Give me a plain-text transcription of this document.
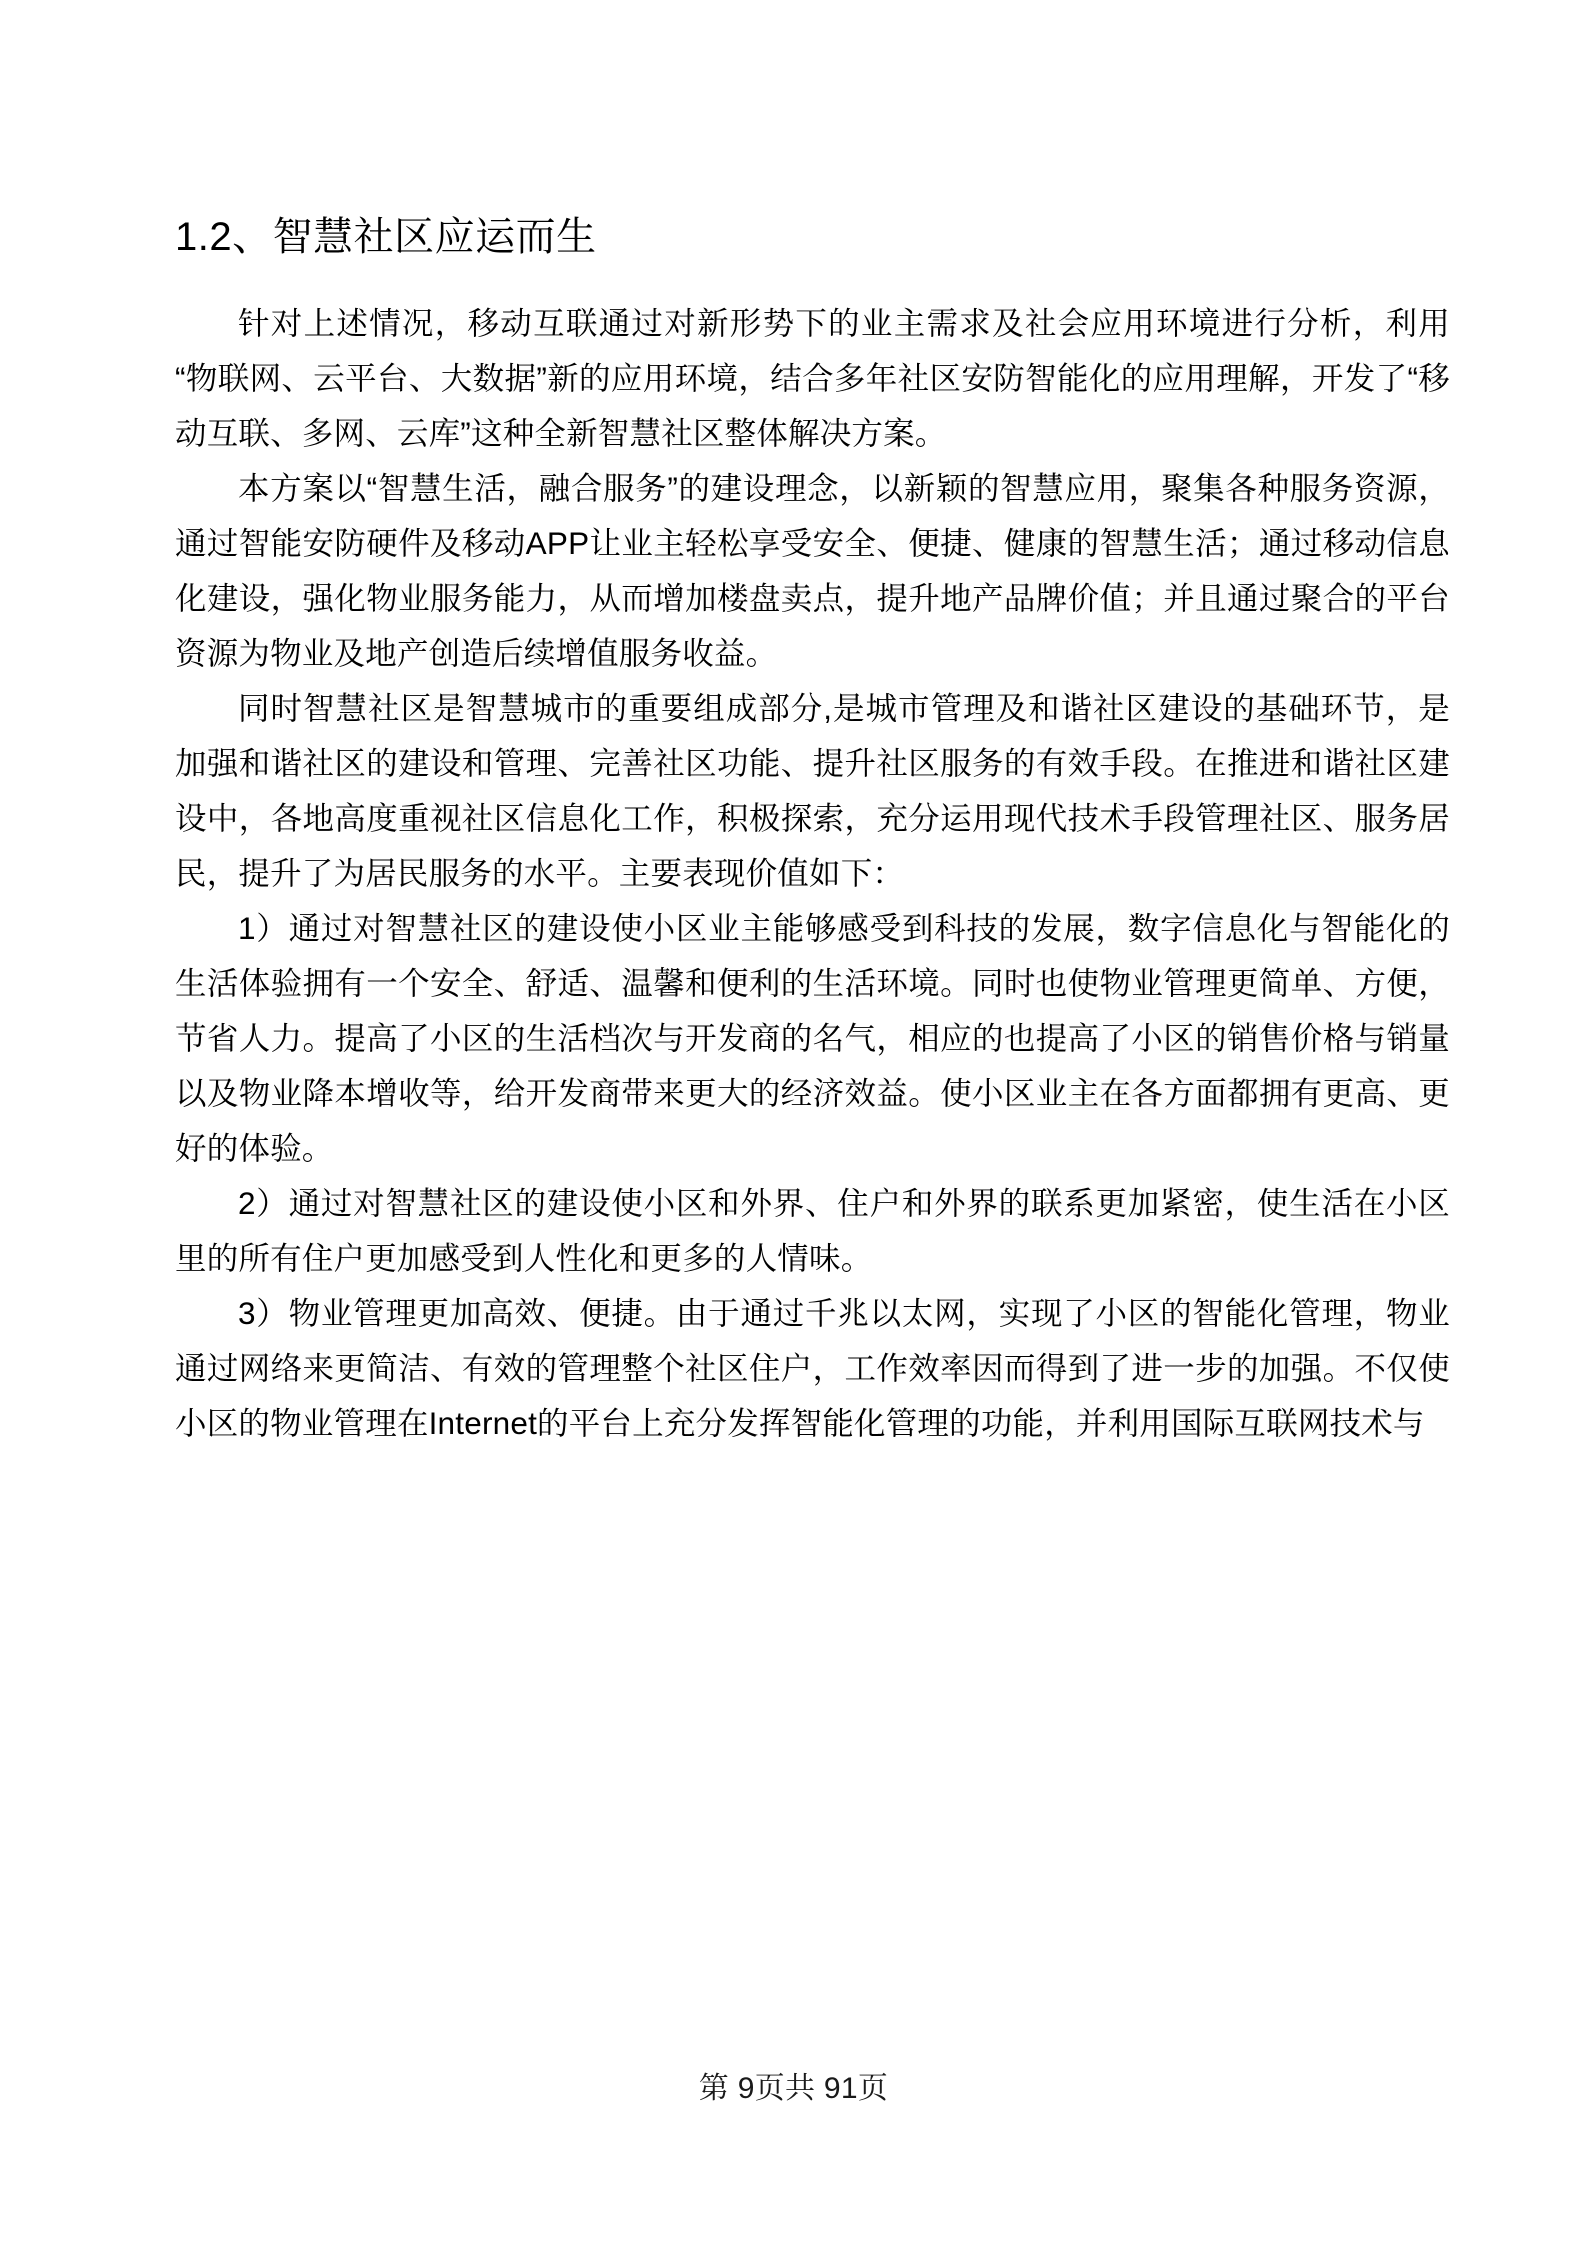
1.2、智慧社区应运而生

针对上述情况，移动互联通过对新形势下的业主需求及社会应用环境进行分析，利用“物联网、云平台、大数据”新的应用环境，结合多年社区安防智能化的应用理解，开发了“移动互联、多网、云库”这种全新智慧社区整体解决方案。

本方案以“智慧生活，融合服务”的建设理念，以新颖的智慧应用，聚集各种服务资源，通过智能安防硬件及移动APP让业主轻松享受安全、便捷、健康的智慧生活；通过移动信息化建设，强化物业服务能力，从而增加楼盘卖点，提升地产品牌价值；并且通过聚合的平台资源为物业及地产创造后续增值服务收益。

同时智慧社区是智慧城市的重要组成部分,是城市管理及和谐社区建设的基础环节，是加强和谐社区的建设和管理、完善社区功能、提升社区服务的有效手段。在推进和谐社区建设中，各地高度重视社区信息化工作，积极探索，充分运用现代技术手段管理社区、服务居民，提升了为居民服务的水平。主要表现价值如下：

1）通过对智慧社区的建设使小区业主能够感受到科技的发展，数字信息化与智能化的生活体验拥有一个安全、舒适、温馨和便利的生活环境。同时也使物业管理更简单、方便，节省人力。提高了小区的生活档次与开发商的名气，相应的也提高了小区的销售价格与销量以及物业降本增收等，给开发商带来更大的经济效益。使小区业主在各方面都拥有更高、更好的体验。

2）通过对智慧社区的建设使小区和外界、住户和外界的联系更加紧密，使生活在小区里的所有住户更加感受到人性化和更多的人情味。

3）物业管理更加高效、便捷。由于通过千兆以太网，实现了小区的智能化管理，物业通过网络来更简洁、有效的管理整个社区住户，工作效率因而得到了进一步的加强。不仅使小区的物业管理在Internet的平台上充分发挥智能化管理的功能，并利用国际互联网技术与

第 9页共 91页
